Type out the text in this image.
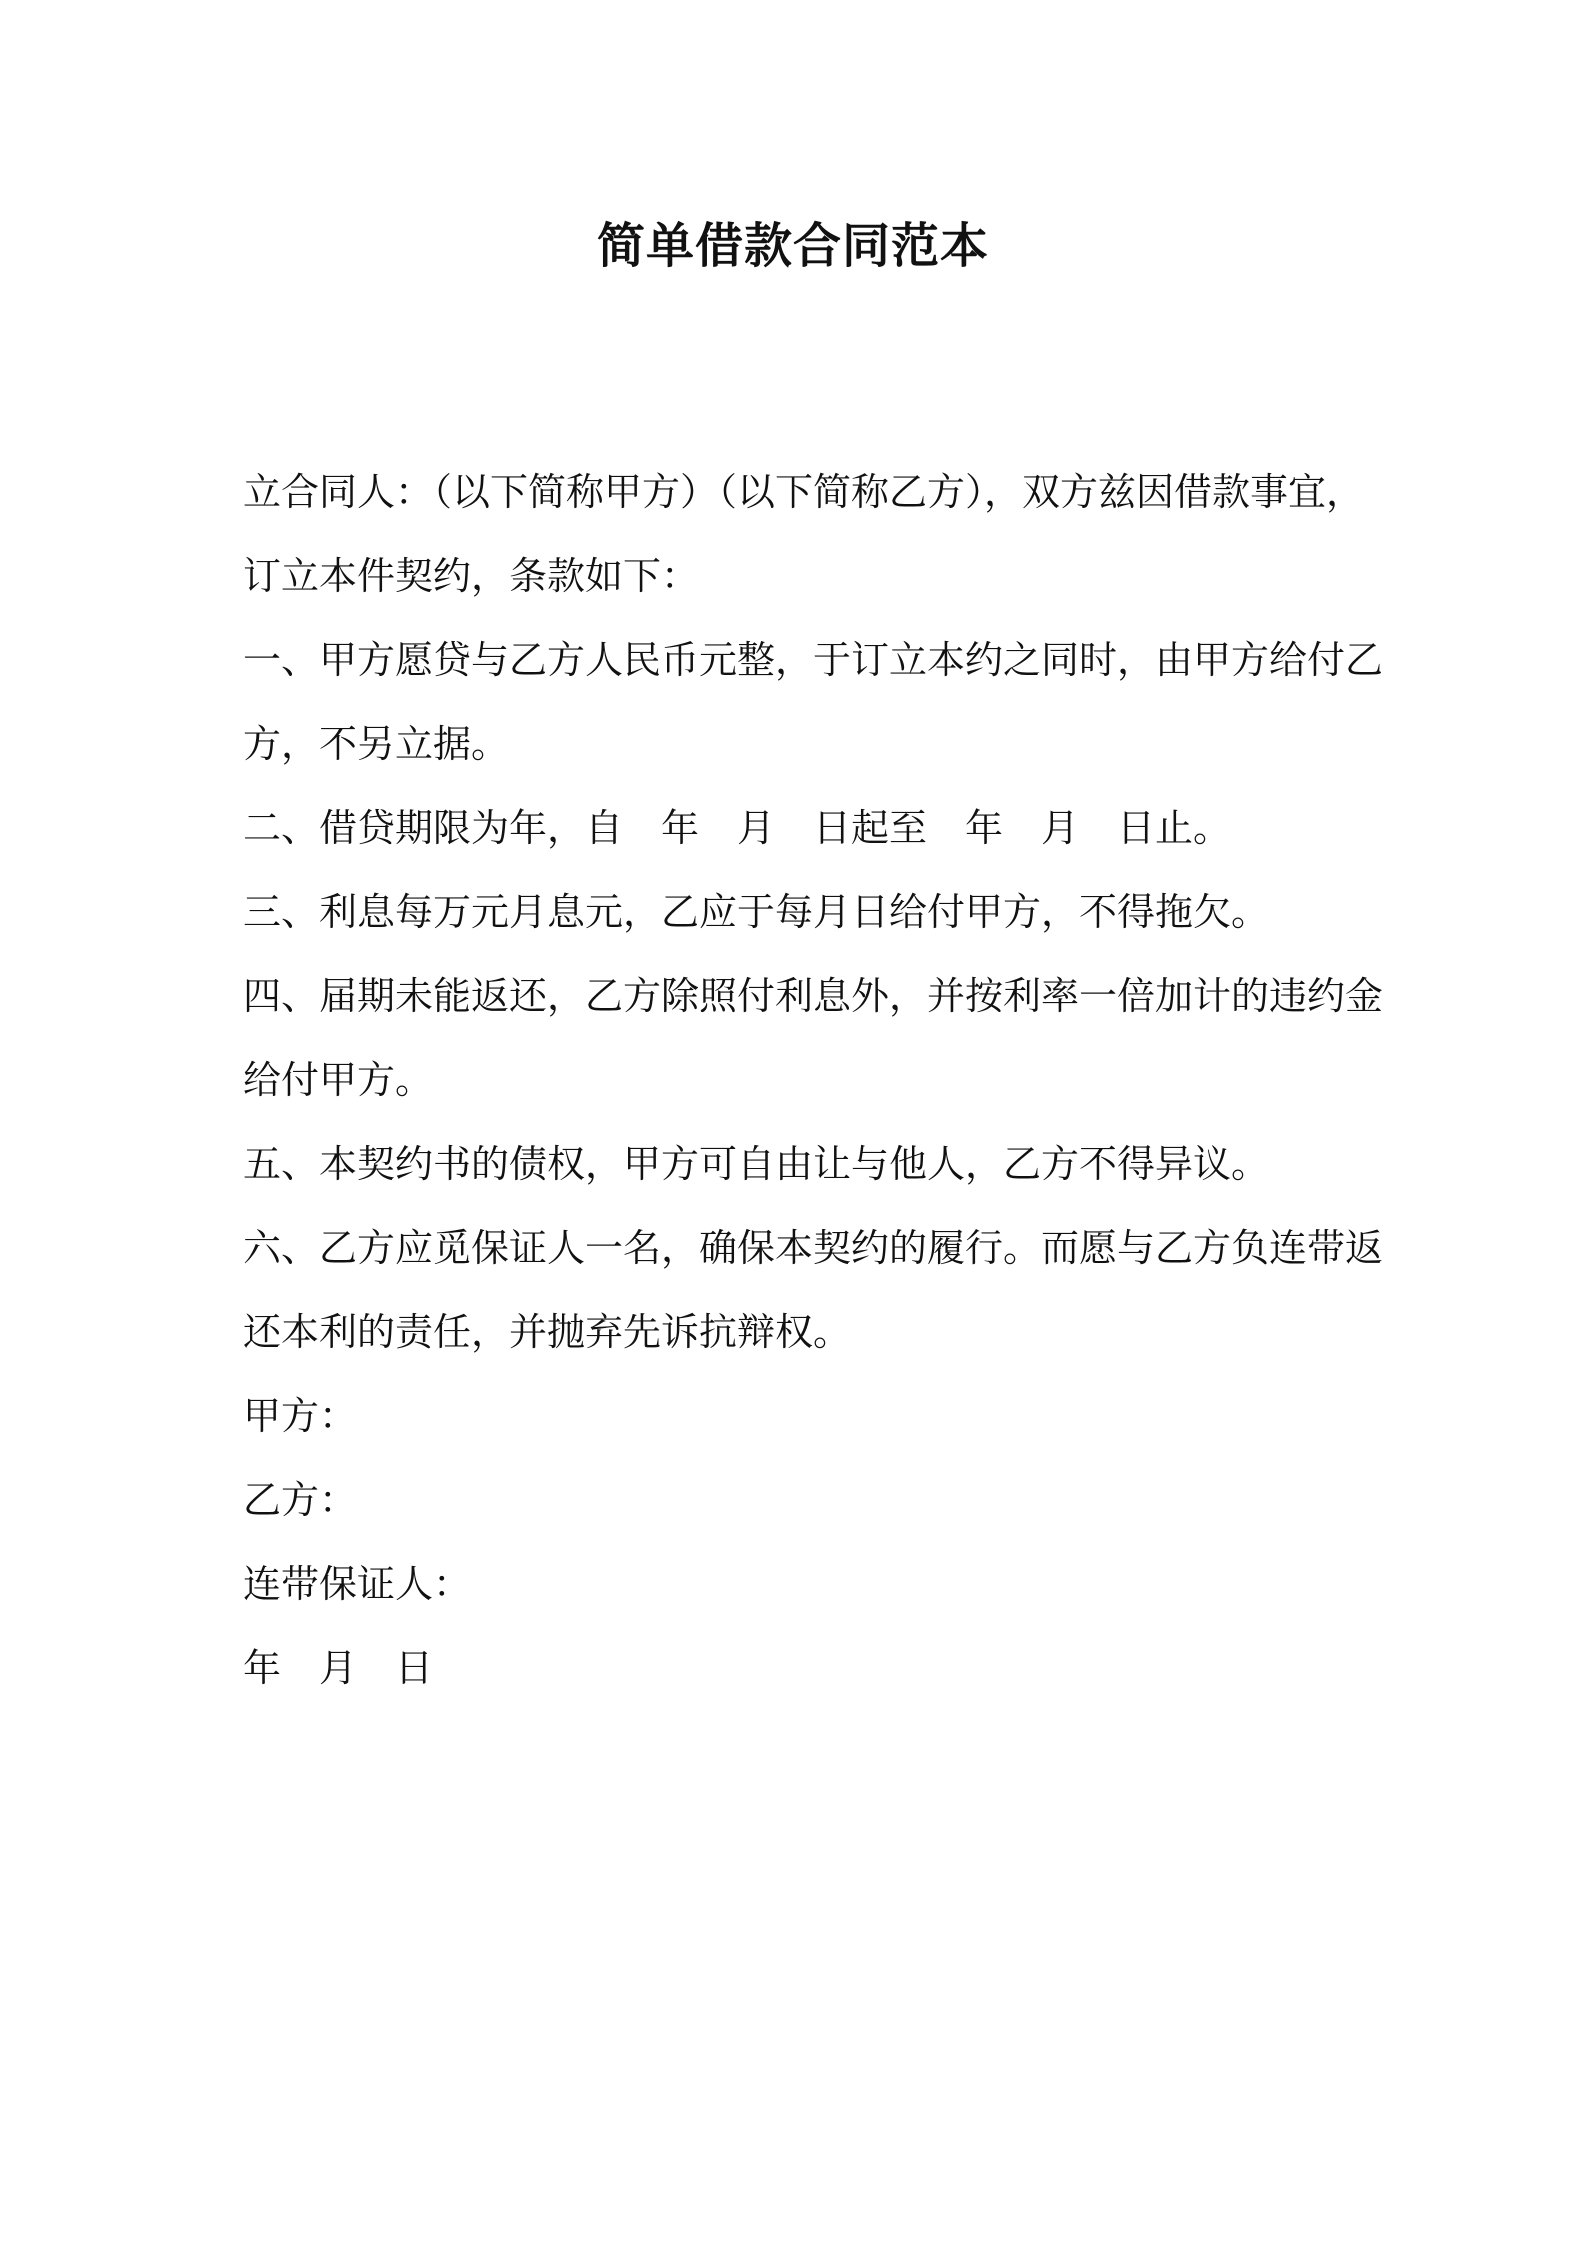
简单借款合同范本

立合同人：（以下简称甲方）（以下简称乙方），双方兹因借款事宜，

订立本件契约，条款如下：

一、甲方愿贷与乙方人民币元整，于订立本约之同时，由甲方给付乙

方，不另立据。

二、借贷期限为年，自　年　月　日起至　年　月　日止。

三、利息每万元月息元，乙应于每月日给付甲方，不得拖欠。

四、届期未能返还，乙方除照付利息外，并按利率一倍加计的违约金

给付甲方。

五、本契约书的债权，甲方可自由让与他人，乙方不得异议。

六、乙方应觅保证人一名，确保本契约的履行。而愿与乙方负连带返

还本利的责任，并抛弃先诉抗辩权。

甲方：

乙方：

连带保证人：

年　月　日
